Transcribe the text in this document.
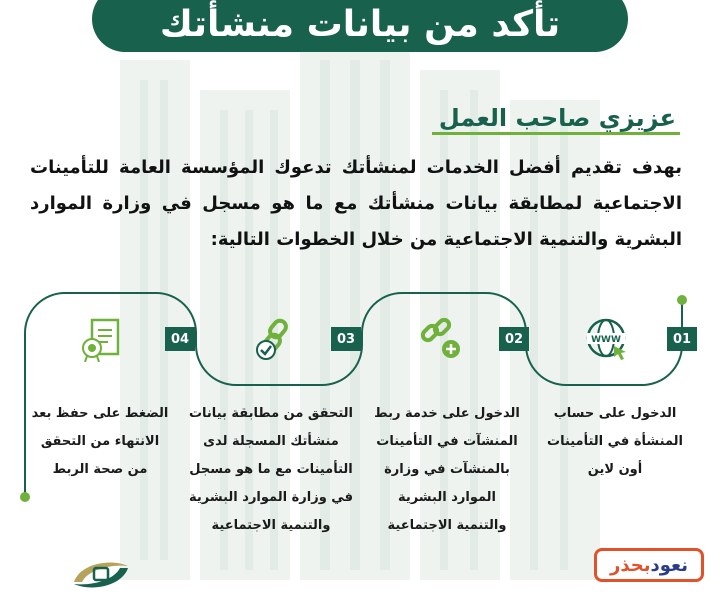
تأكد من بيانات منشأتك
عزيزي صاحب العمل
بهدف تقديم أفضل الخدمات لمنشأتك تدعوك المؤسسة العامة للتأمينات الاجتماعية لمطابقة بيانات منشأتك مع ما هو مسجل في وزارة الموارد البشرية والتنمية الاجتماعية من خلال الخطوات التالية:
01
02
03
04	WWW
الدخول على حساب المنشأة في التأمينات أون لاين
الدخول على خدمة ربط المنشآت في التأمينات بالمنشآت في وزارة الموارد البشرية والتنمية الاجتماعية
التحقق من مطابقة بيانات منشأتك المسجلة لدى التأمينات مع ما هو مسجل في وزارة الموارد البشرية والتنمية الاجتماعية
الضغط على حفظ بعد الانتهاء من التحقق من صحة الربط
نعود
بحذر
